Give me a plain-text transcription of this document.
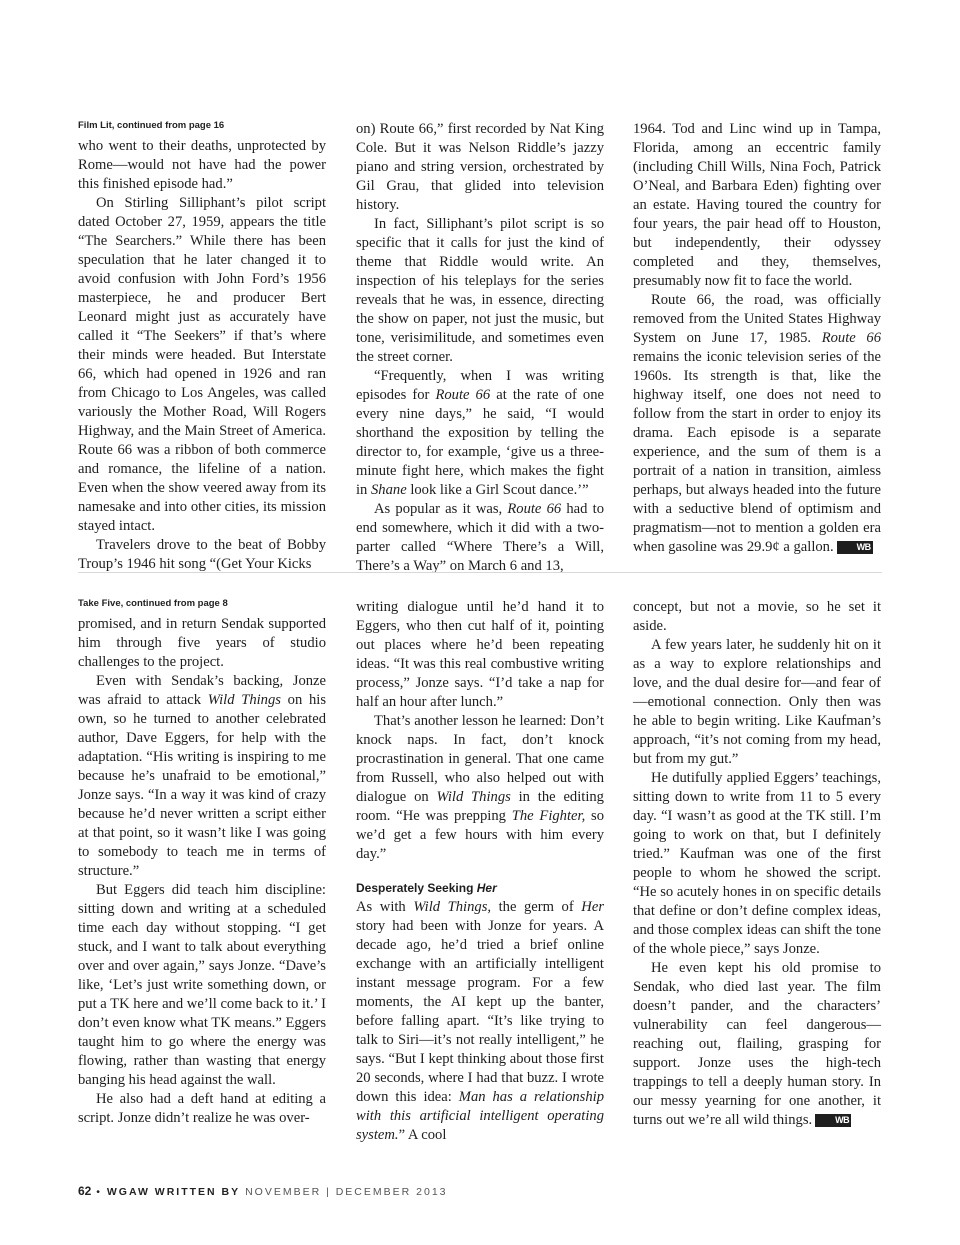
Film Lit, continued from page 16

who went to their deaths, unprotected by Rome—would not have had the power this finished episode had.”

On Stirling Silliphant’s pilot script dated October 27, 1959, appears the title “The Searchers.” While there has been speculation that he later changed it to avoid confusion with John Ford’s 1956 masterpiece, he and producer Bert Leonard might just as accurately have called it “The Seekers” if that’s where their minds were headed. But Interstate 66, which had opened in 1926 and ran from Chicago to Los Angeles, was called variously the Mother Road, Will Rogers Highway, and the Main Street of America. Route 66 was a ribbon of both commerce and romance, the lifeline of a nation. Even when the show veered away from its namesake and into other cities, its mission stayed intact.

Travelers drove to the beat of Bobby Troup’s 1946 hit song “(Get Your Kicks

on) Route 66,” first recorded by Nat King Cole. But it was Nelson Riddle’s jazzy piano and string version, orchestrated by Gil Grau, that glided into television history.

In fact, Silliphant’s pilot script is so specific that it calls for just the kind of theme that Riddle would write. An inspection of his teleplays for the series reveals that he was, in essence, directing the show on paper, not just the music, but tone, verisimilitude, and sometimes even the street corner.

“Frequently, when I was writing episodes for Route 66 at the rate of one every nine days,” he said, “I would shorthand the exposition by telling the director to, for example, ‘give us a three-minute fight here, which makes the fight in Shane look like a Girl Scout dance.’”

As popular as it was, Route 66 had to end somewhere, which it did with a two-parter called “Where There’s a Will, There’s a Way” on March 6 and 13,

1964. Tod and Linc wind up in Tampa, Florida, among an eccentric family (including Chill Wills, Nina Foch, Patrick O’Neal, and Barbara Eden) fighting over an estate. Having toured the country for four years, the pair head off to Houston, but independently, their odyssey completed and they, themselves, presumably now fit to face the world.

Route 66, the road, was officially removed from the United States Highway System on June 17, 1985. Route 66 remains the iconic television series of the 1960s. Its strength is that, like the highway itself, one does not need to follow from the start in order to enjoy its drama. Each episode is a separate experience, and the sum of them is a portrait of a nation in transition, aimless perhaps, but always headed into the future with a seductive blend of optimism and pragmatism—not to mention a golden era when gasoline was 29.9¢ a gallon.	WB

Take Five, continued from page 8

promised, and in return Sendak supported him through five years of studio challenges to the project.

Even with Sendak’s backing, Jonze was afraid to attack Wild Things on his own, so he turned to another celebrated author, Dave Eggers, for help with the adaptation. “His writing is inspiring to me because he’s unafraid to be emotional,” Jonze says. “In a way it was kind of crazy because he’d never written a script either at that point, so it wasn’t like I was going to somebody to teach me in terms of structure.”

But Eggers did teach him discipline: sitting down and writing at a scheduled time each day without stopping. “I get stuck, and I want to talk about everything over and over again,” says Jonze. “Dave’s like, ‘Let’s just write something down, or put a TK here and we’ll come back to it.’ I don’t even know what TK means.” Eggers taught him to go where the energy was flowing, rather than wasting that energy banging his head against the wall.

He also had a deft hand at editing a script. Jonze didn’t realize he was over-

writing dialogue until he’d hand it to Eggers, who then cut half of it, pointing out places where he’d been repeating ideas. “It was this real combustive writing process,” Jonze says. “I’d take a nap for half an hour after lunch.”

That’s another lesson he learned: Don’t knock naps. In fact, don’t knock procrastination in general. That one came from Russell, who also helped out with dialogue on Wild Things in the editing room. “He was prepping The Fighter, so we’d get a few hours with him every day.”

Desperately Seeking Her

As with Wild Things, the germ of Her story had been with Jonze for years. A decade ago, he’d tried a brief online exchange with an artificially intelligent instant message program. For a few moments, the AI kept up the banter, before falling apart. “It’s like trying to talk to Siri—it’s not really intelligent,” he says. “But I kept thinking about those first 20 seconds, where I had that buzz. I wrote down this idea: Man has a relationship with this artificial intelligent operating system.” A cool

concept, but not a movie, so he set it aside.

A few years later, he suddenly hit on it as a way to explore relationships and love, and the dual desire for—and fear of—emotional connection. Only then was he able to begin writing. Like Kaufman’s approach, “it’s not coming from my head, but from my gut.”

He dutifully applied Eggers’ teachings, sitting down to write from 11 to 5 every day. “I wasn’t as good at the TK still. I’m going to work on that, but I definitely tried.” Kaufman was one of the first people to whom he showed the script. “He so acutely hones in on specific details that define or don’t define complex ideas, and those complex ideas can shift the tone of the whole piece,” says Jonze.

He even kept his old promise to Sendak, who died last year. The film doesn’t pander, and the characters’ vulnerability can feel dangerous—reaching out, flailing, grasping for support. Jonze uses the high-tech trappings to tell a deeply human story. In our messy yearning for one another, it turns out we’re all wild things.	WB

62 • WGAW WRITTEN BY NOVEMBER | DECEMBER 2013
